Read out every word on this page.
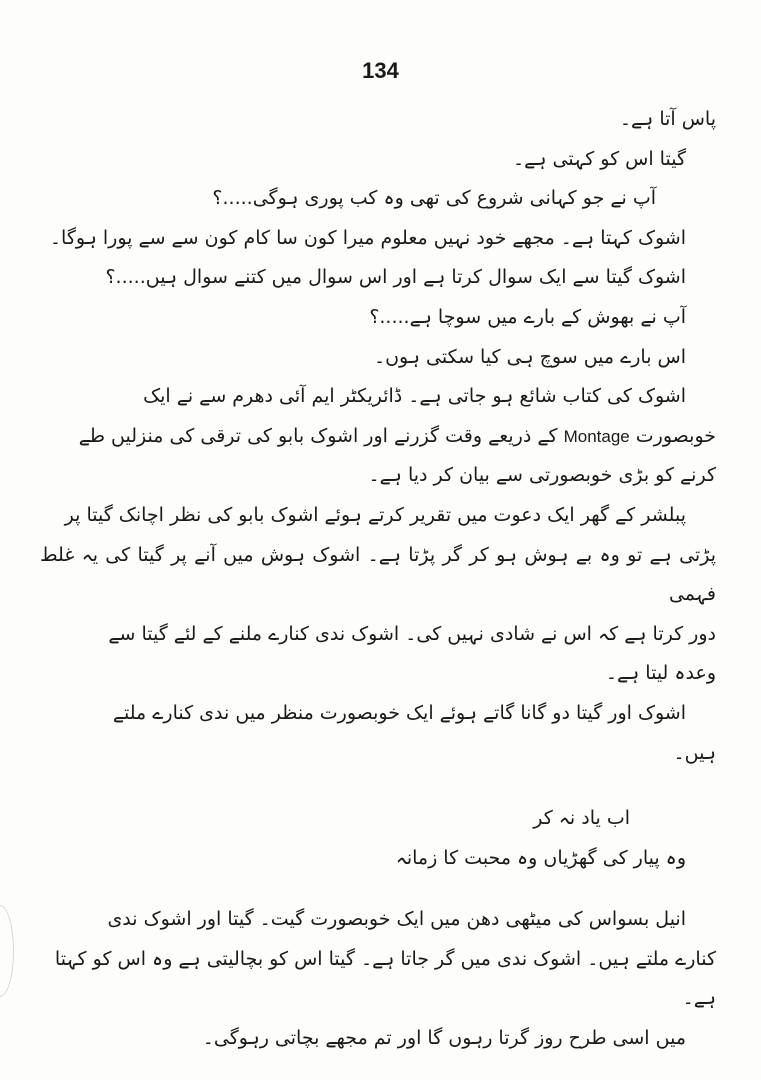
134

پاس آتا ہے۔

گیتا اس کو کہتی ہے۔

آپ نے جو کہانی شروع کی تھی وہ کب پوری ہوگی.....؟

اشوک کہتا ہے۔ مجھے خود نہیں معلوم میرا کون سا کام کون سے سے پورا ہوگا۔

اشوک گیتا سے ایک سوال کرتا ہے اور اس سوال میں کتنے سوال ہیں.....؟

آپ نے بھوش کے بارے میں سوچا ہے.....؟

اس بارے میں سوچ ہی کیا سکتی ہوں۔

اشوک کی کتاب شائع ہو جاتی ہے۔ ڈائریکٹر ایم آئی دھرم سے نے ایک

خوبصورت Montage کے ذریعے وقت گزرنے اور اشوک بابو کی ترقی کی منزلیں طے

کرنے کو بڑی خوبصورتی سے بیان کر دیا ہے۔

پبلشر کے گھر ایک دعوت میں تقریر کرتے ہوئے اشوک بابو کی نظر اچانک گیتا پر

پڑتی ہے تو وہ بے ہوش ہو کر گر پڑتا ہے۔ اشوک ہوش میں آنے پر گیتا کی یہ غلط فہمی

دور کرتا ہے کہ اس نے شادی نہیں کی۔ اشوک ندی کنارے ملنے کے لئے گیتا سے

وعدہ لیتا ہے۔

اشوک اور گیتا دو گانا گاتے ہوئے ایک خوبصورت منظر میں ندی کنارے ملتے

ہیں۔

اب یاد نہ کر

وہ پیار کی گھڑیاں وہ محبت کا زمانہ

انیل بسواس کی میٹھی دھن میں ایک خوبصورت گیت۔ گیتا اور اشوک ندی

کنارے ملتے ہیں۔ اشوک ندی میں گر جاتا ہے۔ گیتا اس کو بچالیتی ہے وہ اس کو کہتا

ہے۔

میں اسی طرح روز گرتا رہوں گا اور تم مجھے بچاتی رہوگی۔
